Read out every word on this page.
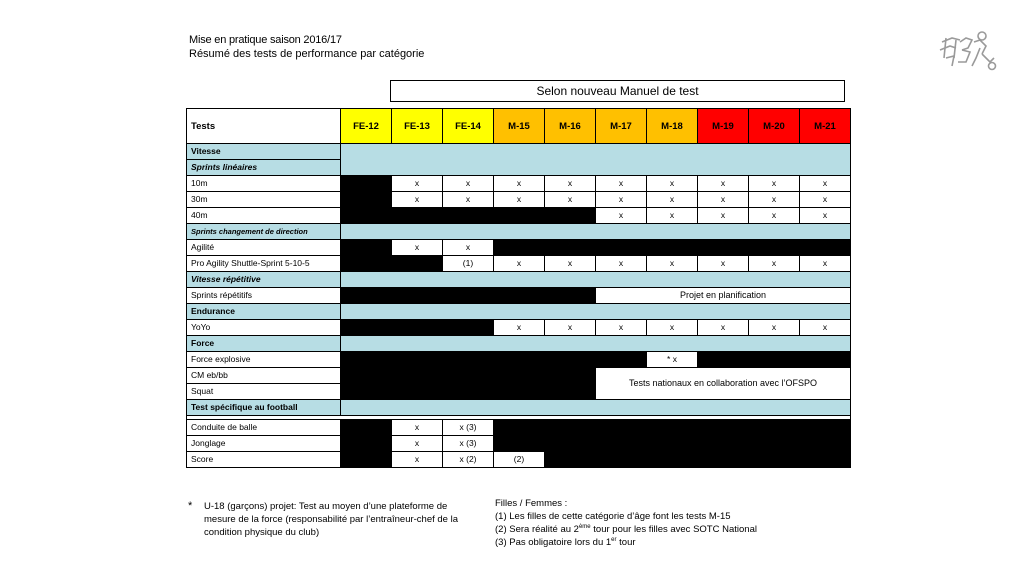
Mise en pratique saison 2016/17
Résumé des tests de performance par catégorie
Selon nouveau Manuel de test
Tests	FE-12	FE-13	FE-14	M-15	M-16	M-17	M-18	M-19	M-20	M-21
Vitesse										
Sprints linéaires										
10m		x	x	x	x	x	x	x	x	x
30m		x	x	x	x	x	x	x	x	x
40m						x	x	x	x	x
Sprints changement de direction										
Agilité		x	x							
Pro Agility Shuttle-Sprint 5-10-5			(1)	x	x	x	x	x	x	x
Vitesse répétitive										
Sprints répétitifs						Projet en planification				
Endurance										
YoYo				x	x	x	x	x	x	x
Force										
Force explosive							* x			
CM eb/bb						Tests nationaux en collaboration avec l’OFSPO				
Squat										
Test spécifique au football										

Conduite de balle		x	x (3)							
Jonglage		x	x (3)							
Score		x	x (2)	(2)						
* U-18 (garçons) projet: Test au moyen d’une plateforme de mesure de la force (responsabilité par l’entraîneur-chef de la condition physique du club)
Filles / Femmes :
(1) Les filles de cette catégorie d’âge font les tests M-15
(2) Sera réalité au 2ème tour pour les filles avec SOTC National
(3) Pas obligatoire lors du 1er tour
